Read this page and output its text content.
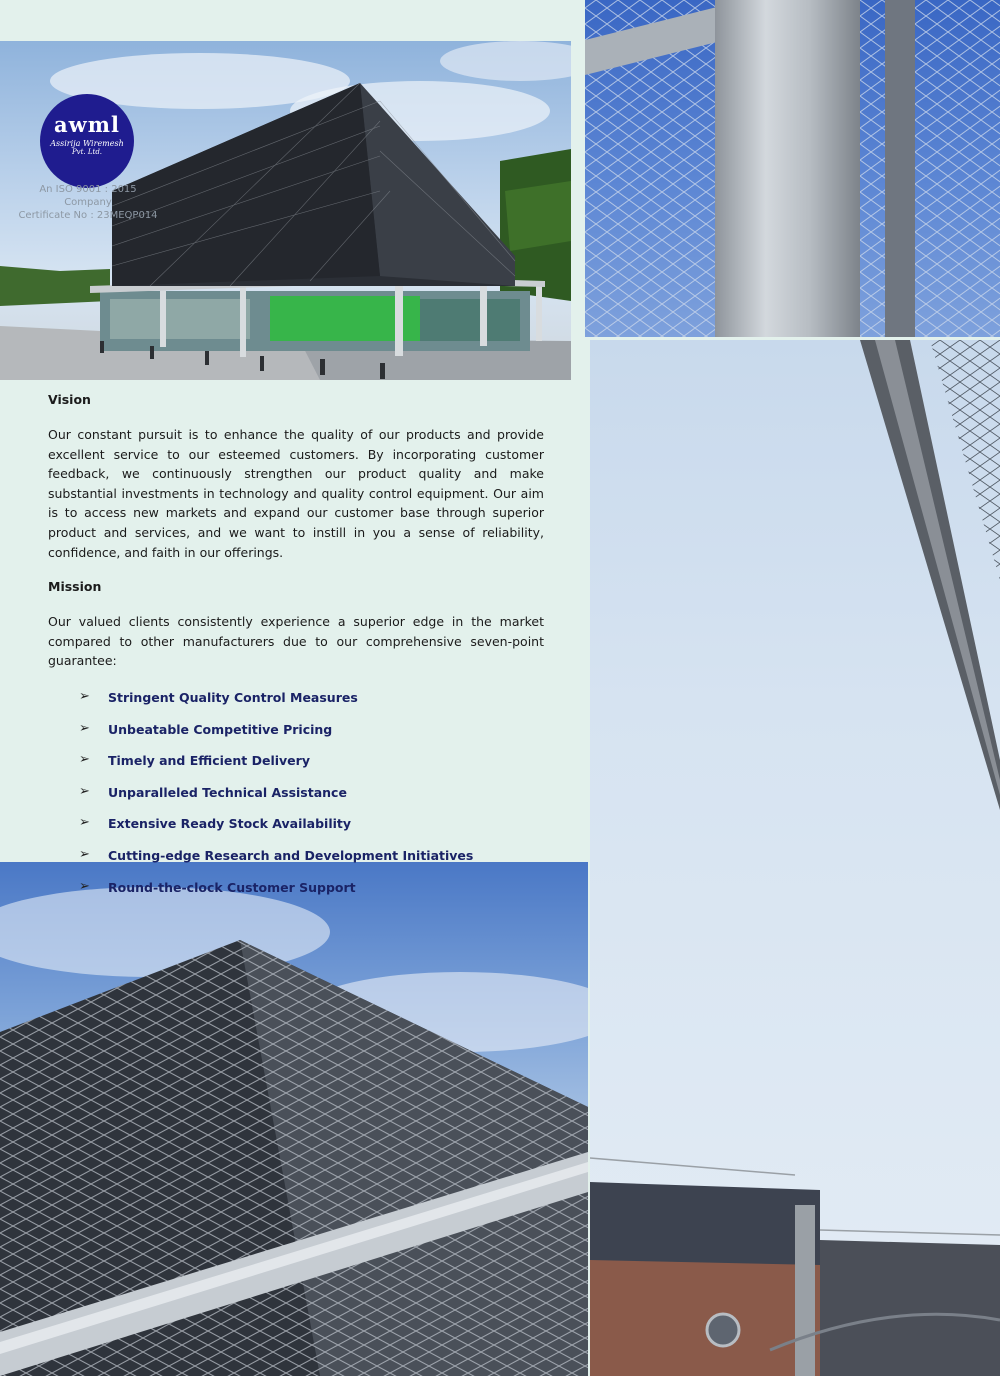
awml
Assirija Wiremesh
Pvt. Ltd.
An ISO 9001 : 2015 Company
Certificate No : 23MEQP014
Vision
Our constant pursuit is to enhance the quality of our products and provide excellent service to our esteemed customers. By incorporating customer feedback, we continuously strengthen our product quality and make substantial investments in technology and quality control equipment. Our aim is to access new markets and expand our customer base through superior product and services, and we want to instill in you a sense of reliability, confidence, and faith in our offerings.
Mission
Our valued clients consistently experience a superior edge in the market compared to other manufacturers due to our comprehensive seven-point guarantee:
➢ Stringent Quality Control Measures
➢ Unbeatable Competitive Pricing
➢ Timely and Efficient Delivery
➢ Unparalleled Technical Assistance
➢ Extensive Ready Stock Availability
➢ Cutting-edge Research and Development Initiatives
➢ Round-the-clock Customer Support
